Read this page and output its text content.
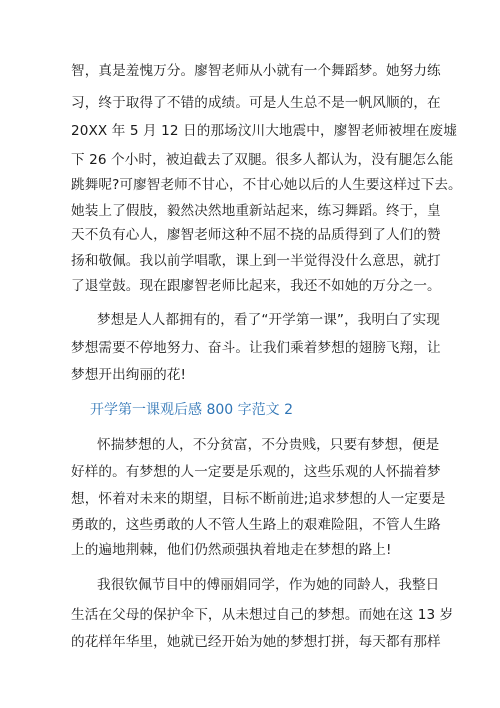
智，真是羞愧万分。廖智老师从小就有一个舞蹈梦。她努力练
习，终于取得了不错的成绩。可是人生总不是一帆风顺的，在
20XX 年 5 月 12 日的那场汶川大地震中，廖智老师被埋在废墟
下 26 个小时，被迫截去了双腿。很多人都认为，没有腿怎么能
跳舞呢?可廖智老师不甘心，不甘心她以后的人生要这样过下去。
她装上了假肢，毅然决然地重新站起来，练习舞蹈。终于，皇
天不负有心人，廖智老师这种不屈不挠的品质得到了人们的赞
扬和敬佩。我以前学唱歌，课上到一半觉得没什么意思，就打
了退堂鼓。现在跟廖智老师比起来，我还不如她的万分之一。
梦想是人人都拥有的，看了“开学第一课”，我明白了实现
梦想需要不停地努力、奋斗。让我们乘着梦想的翅膀飞翔，让
梦想开出绚丽的花!
开学第一课观后感 800 字范文 2
怀揣梦想的人，不分贫富，不分贵贱，只要有梦想，便是
好样的。有梦想的人一定要是乐观的，这些乐观的人怀揣着梦
想，怀着对未来的期望，目标不断前进;追求梦想的人一定要是
勇敢的，这些勇敢的人不管人生路上的艰难险阻，不管人生路
上的遍地荆棘，他们仍然顽强执着地走在梦想的路上!
我很钦佩节目中的傅丽娟同学，作为她的同龄人，我整日
生活在父母的保护伞下，从未想过自己的梦想。而她在这 13 岁
的花样年华里，她就已经开始为她的梦想打拼，每天都有那样
